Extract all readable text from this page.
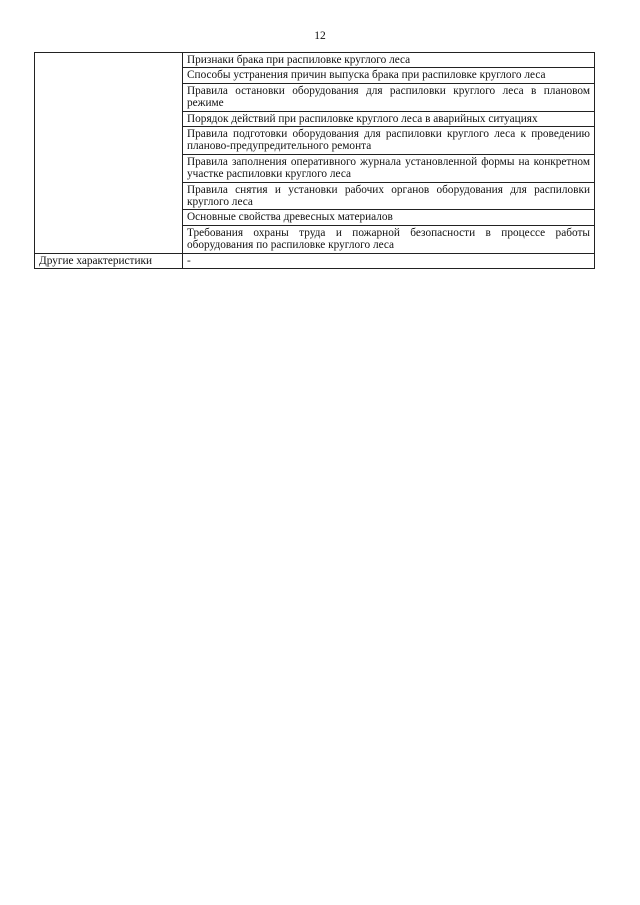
12
	Признаки брака при распиловке круглого леса
	Способы устранения причин выпуска брака при распиловке круглого леса
	Правила остановки оборудования для распиловки круглого леса в плановом режиме
	Порядок действий при распиловке круглого леса в аварийных ситуациях
	Правила подготовки оборудования для распиловки круглого леса к проведению планово-предупредительного ремонта
	Правила заполнения оперативного журнала установленной формы на конкретном участке распиловки круглого леса
	Правила снятия и установки рабочих органов оборудования для распиловки круглого леса
	Основные свойства древесных материалов
	Требования охраны труда и пожарной безопасности в процессе работы оборудования по распиловке круглого леса
Другие характеристики	-
